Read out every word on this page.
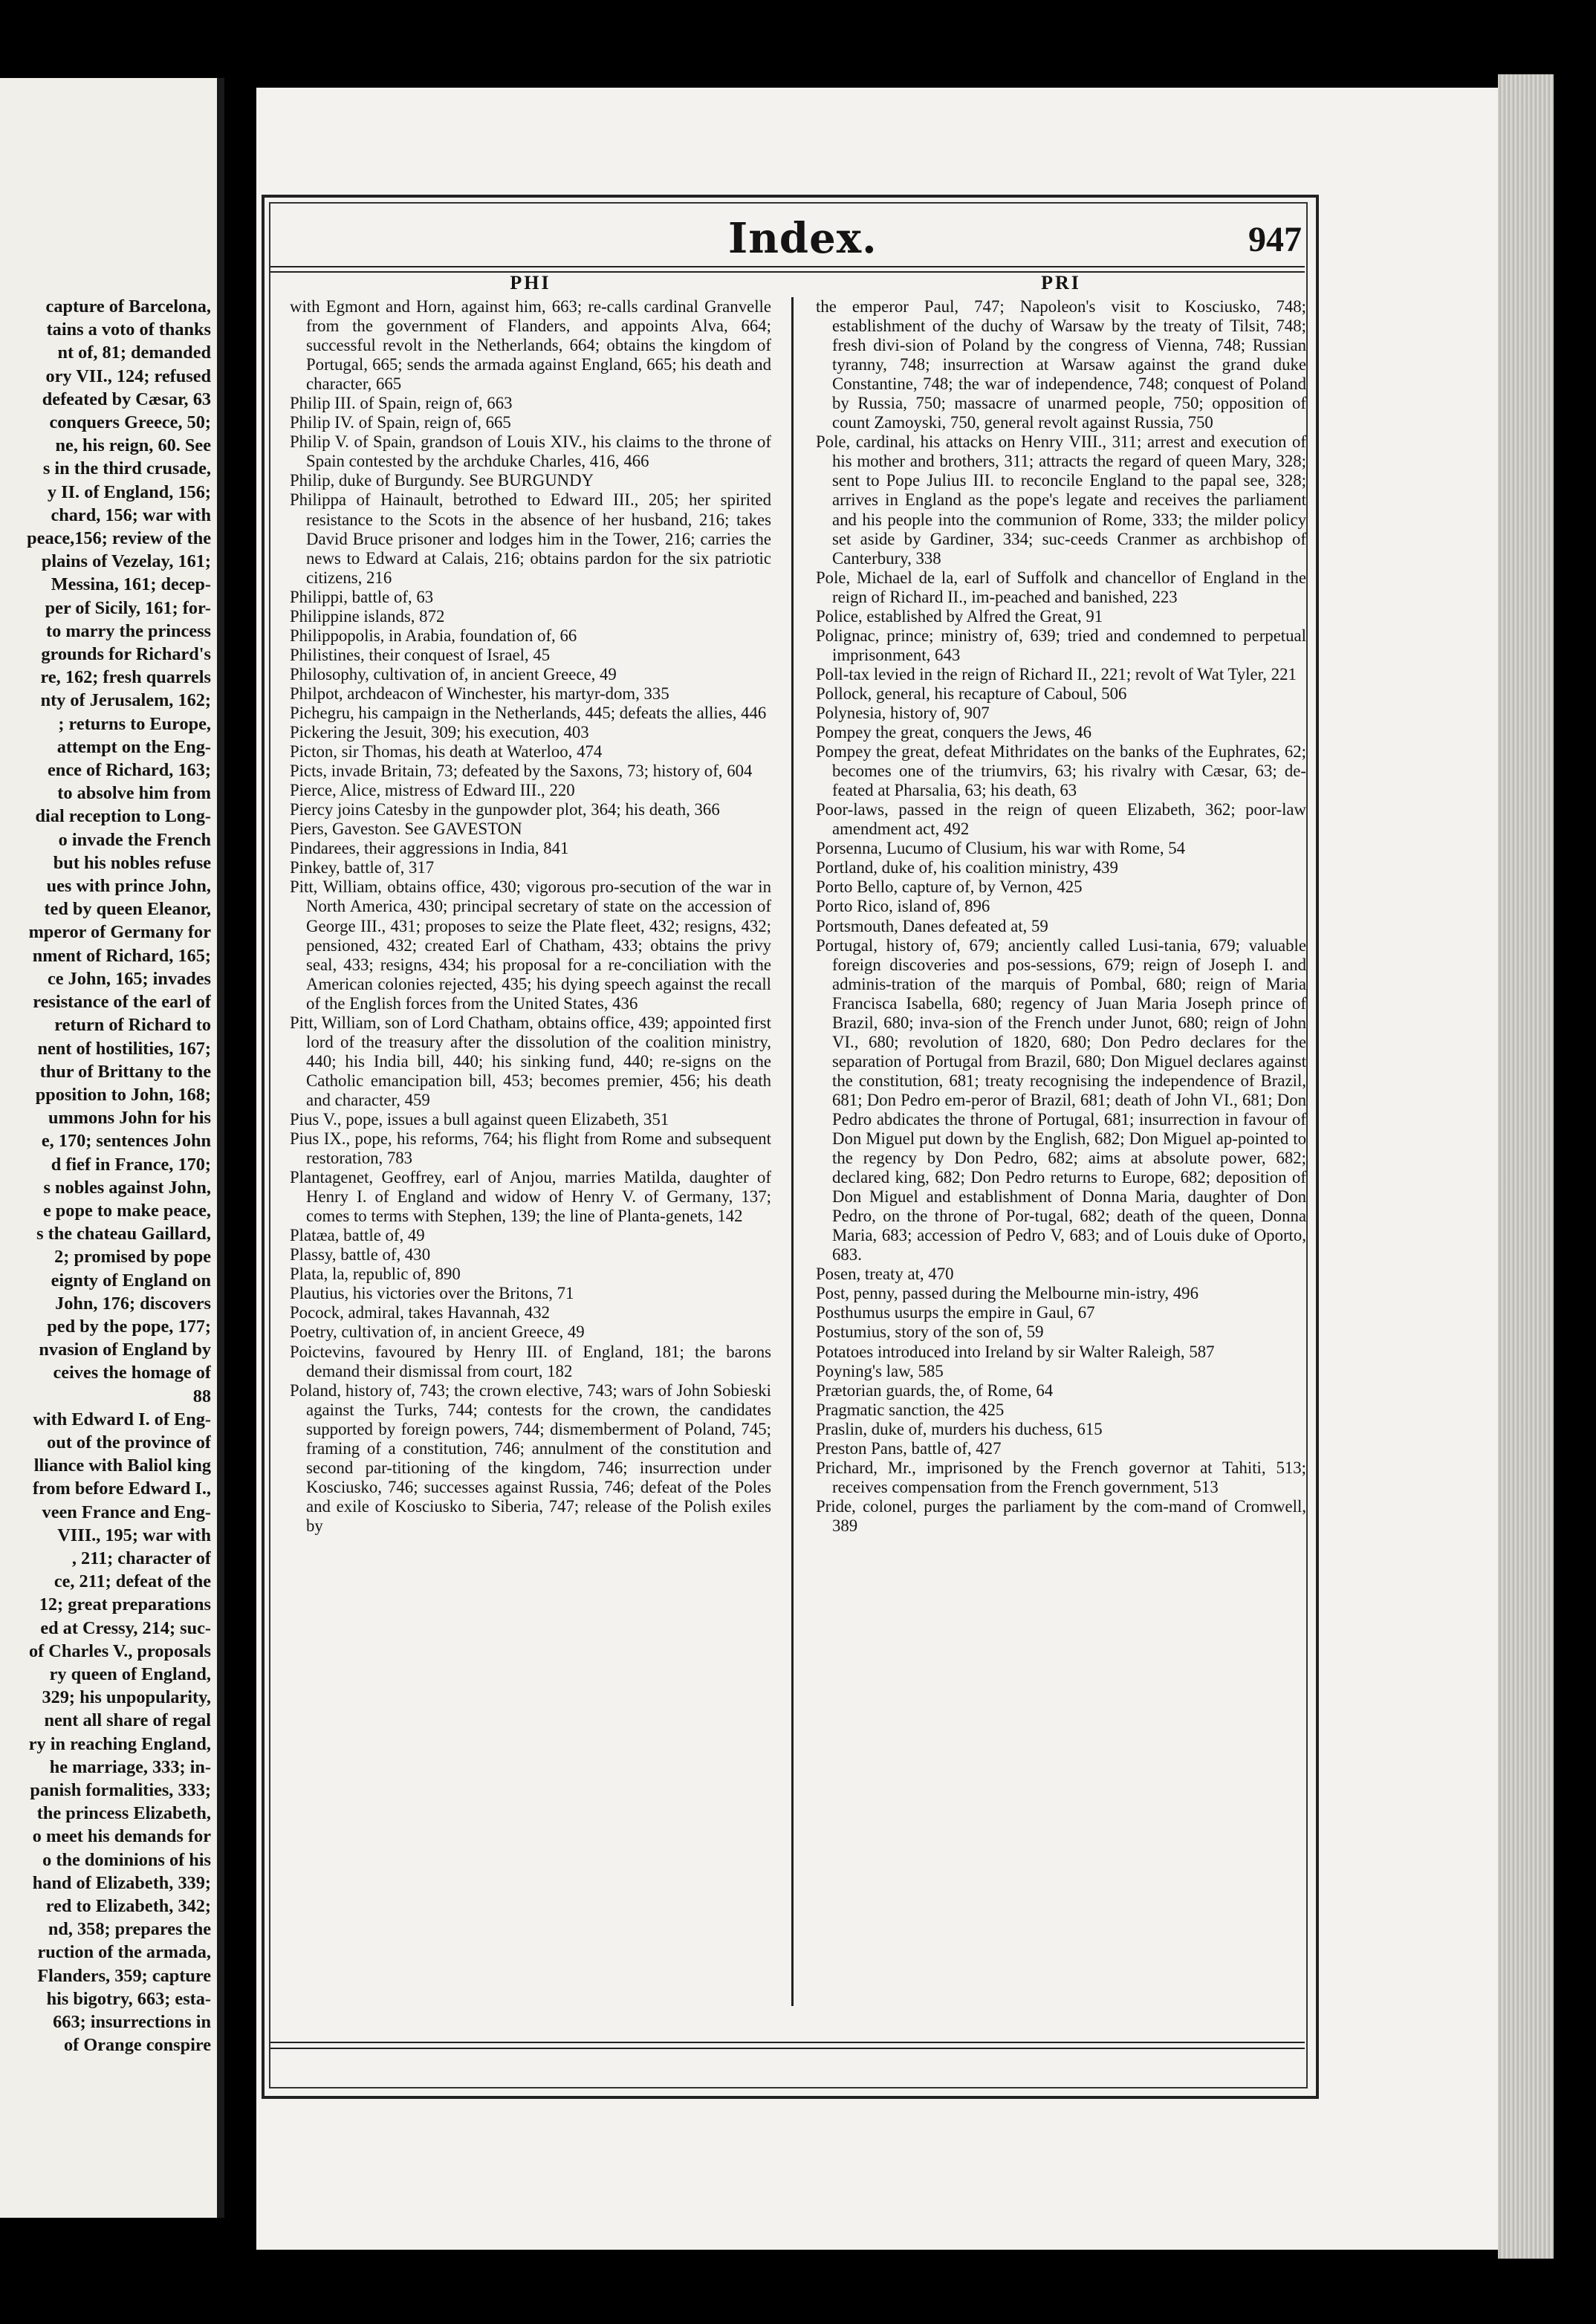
capture of Barcelona,
tains a voto of thanks
nt of, 81; demanded
ory VII., 124; refused
defeated by Cæsar, 63
conquers Greece, 50;
ne, his reign, 60. See
s in the third crusade,
y II. of England, 156;
chard, 156; war with
peace,156; review of the
plains of Vezelay, 161;
Messina, 161; decep-
per of Sicily, 161; for-
to marry the princess
grounds for Richard's
re, 162; fresh quarrels
nty of Jerusalem, 162;
; returns to Europe,
attempt on the Eng-
ence of Richard, 163;
to absolve him from
dial reception to Long-
o invade the French
but his nobles refuse
ues with prince John,
ted by queen Eleanor,
mperor of Germany for
nment of Richard, 165;
ce John, 165; invades
resistance of the earl of
return of Richard to
nent of hostilities, 167;
thur of Brittany to the
pposition to John, 168;
ummons John for his
e, 170; sentences John
d fief in France, 170;
s nobles against John,
e pope to make peace,
s the chateau Gaillard,
2; promised by pope
eignty of England on
John, 176; discovers
ped by the pope, 177;
nvasion of England by
ceives the homage of
88
with Edward I. of Eng-
out of the province of
lliance with Baliol king
from before Edward I.,
veen France and Eng-
VIII., 195; war with
, 211; character of
ce, 211; defeat of the
12; great preparations
ed at Cressy, 214; suc-
of Charles V., proposals
ry queen of England,
329; his unpopularity,
nent all share of regal
ry in reaching England,
he marriage, 333; in-
panish formalities, 333;
the princess Elizabeth,
o meet his demands for
o the dominions of his
hand of Elizabeth, 339;
red to Elizabeth, 342;
nd, 358; prepares the
ruction of the armada,
Flanders, 359; capture
his bigotry, 663; esta-
663; insurrections in
of Orange conspire
Index.	947
PHI	PRI
with Egmont and Horn, against him, 663; re-calls cardinal Granvelle from the government of Flanders, and appoints Alva, 664; successful revolt in the Netherlands, 664; obtains the kingdom of Portugal, 665; sends the armada against England, 665; his death and character, 665
Philip III. of Spain, reign of, 663
Philip IV. of Spain, reign of, 665
Philip V. of Spain, grandson of Louis XIV., his claims to the throne of Spain contested by the archduke Charles, 416, 466
Philip, duke of Burgundy. See BURGUNDY
Philippa of Hainault, betrothed to Edward III., 205; her spirited resistance to the Scots in the absence of her husband, 216; takes David Bruce prisoner and lodges him in the Tower, 216; carries the news to Edward at Calais, 216; obtains pardon for the six patriotic citizens, 216
Philippi, battle of, 63
Philippine islands, 872
Philippopolis, in Arabia, foundation of, 66
Philistines, their conquest of Israel, 45
Philosophy, cultivation of, in ancient Greece, 49
Philpot, archdeacon of Winchester, his martyr-dom, 335
Pichegru, his campaign in the Netherlands, 445; defeats the allies, 446
Pickering the Jesuit, 309; his execution, 403
Picton, sir Thomas, his death at Waterloo, 474
Picts, invade Britain, 73; defeated by the Saxons, 73; history of, 604
Pierce, Alice, mistress of Edward III., 220
Piercy joins Catesby in the gunpowder plot, 364; his death, 366
Piers, Gaveston. See GAVESTON
Pindarees, their aggressions in India, 841
Pinkey, battle of, 317
Pitt, William, obtains office, 430; vigorous pro-secution of the war in North America, 430; principal secretary of state on the accession of George III., 431; proposes to seize the Plate fleet, 432; resigns, 432; pensioned, 432; created Earl of Chatham, 433; obtains the privy seal, 433; resigns, 434; his proposal for a re-conciliation with the American colonies rejected, 435; his dying speech against the recall of the English forces from the United States, 436
Pitt, William, son of Lord Chatham, obtains office, 439; appointed first lord of the treasury after the dissolution of the coalition ministry, 440; his India bill, 440; his sinking fund, 440; re-signs on the Catholic emancipation bill, 453; becomes premier, 456; his death and character, 459
Pius V., pope, issues a bull against queen Elizabeth, 351
Pius IX., pope, his reforms, 764; his flight from Rome and subsequent restoration, 783
Plantagenet, Geoffrey, earl of Anjou, marries Matilda, daughter of Henry I. of England and widow of Henry V. of Germany, 137; comes to terms with Stephen, 139; the line of Planta-genets, 142
Platæa, battle of, 49
Plassy, battle of, 430
Plata, la, republic of, 890
Plautius, his victories over the Britons, 71
Pocock, admiral, takes Havannah, 432
Poetry, cultivation of, in ancient Greece, 49
Poictevins, favoured by Henry III. of England, 181; the barons demand their dismissal from court, 182
Poland, history of, 743; the crown elective, 743; wars of John Sobieski against the Turks, 744; contests for the crown, the candidates supported by foreign powers, 744; dismemberment of Poland, 745; framing of a constitution, 746; annulment of the constitution and second par-titioning of the kingdom, 746; insurrection under Kosciusko, 746; successes against Russia, 746; defeat of the Poles and exile of Kosciusko to Siberia, 747; release of the Polish exiles by
the emperor Paul, 747; Napoleon's visit to Kosciusko, 748; establishment of the duchy of Warsaw by the treaty of Tilsit, 748; fresh divi-sion of Poland by the congress of Vienna, 748; Russian tyranny, 748; insurrection at Warsaw against the grand duke Constantine, 748; the war of independence, 748; conquest of Poland by Russia, 750; massacre of unarmed people, 750; opposition of count Zamoyski, 750, general revolt against Russia, 750
Pole, cardinal, his attacks on Henry VIII., 311; arrest and execution of his mother and brothers, 311; attracts the regard of queen Mary, 328; sent to Pope Julius III. to reconcile England to the papal see, 328; arrives in England as the pope's legate and receives the parliament and his people into the communion of Rome, 333; the milder policy set aside by Gardiner, 334; suc-ceeds Cranmer as archbishop of Canterbury, 338
Pole, Michael de la, earl of Suffolk and chancellor of England in the reign of Richard II., im-peached and banished, 223
Police, established by Alfred the Great, 91
Polignac, prince; ministry of, 639; tried and condemned to perpetual imprisonment, 643
Poll-tax levied in the reign of Richard II., 221; revolt of Wat Tyler, 221
Pollock, general, his recapture of Caboul, 506
Polynesia, history of, 907
Pompey the great, conquers the Jews, 46
Pompey the great, defeat Mithridates on the banks of the Euphrates, 62; becomes one of the triumvirs, 63; his rivalry with Cæsar, 63; de-feated at Pharsalia, 63; his death, 63
Poor-laws, passed in the reign of queen Elizabeth, 362; poor-law amendment act, 492
Porsenna, Lucumo of Clusium, his war with Rome, 54
Portland, duke of, his coalition ministry, 439
Porto Bello, capture of, by Vernon, 425
Porto Rico, island of, 896
Portsmouth, Danes defeated at, 59
Portugal, history of, 679; anciently called Lusi-tania, 679; valuable foreign discoveries and pos-sessions, 679; reign of Joseph I. and adminis-tration of the marquis of Pombal, 680; reign of Maria Francisca Isabella, 680; regency of Juan Maria Joseph prince of Brazil, 680; inva-sion of the French under Junot, 680; reign of John VI., 680; revolution of 1820, 680; Don Pedro declares for the separation of Portugal from Brazil, 680; Don Miguel declares against the constitution, 681; treaty recognising the independence of Brazil, 681; Don Pedro em-peror of Brazil, 681; death of John VI., 681; Don Pedro abdicates the throne of Portugal, 681; insurrection in favour of Don Miguel put down by the English, 682; Don Miguel ap-pointed to the regency by Don Pedro, 682; aims at absolute power, 682; declared king, 682; Don Pedro returns to Europe, 682; deposition of Don Miguel and establishment of Donna Maria, daughter of Don Pedro, on the throne of Por-tugal, 682; death of the queen, Donna Maria, 683; accession of Pedro V, 683; and of Louis duke of Oporto, 683.
Posen, treaty at, 470
Post, penny, passed during the Melbourne min-istry, 496
Posthumus usurps the empire in Gaul, 67
Postumius, story of the son of, 59
Potatoes introduced into Ireland by sir Walter Raleigh, 587
Poyning's law, 585
Prætorian guards, the, of Rome, 64
Pragmatic sanction, the 425
Praslin, duke of, murders his duchess, 615
Preston Pans, battle of, 427
Prichard, Mr., imprisoned by the French governor at Tahiti, 513; receives compensation from the French government, 513
Pride, colonel, purges the parliament by the com-mand of Cromwell, 389
